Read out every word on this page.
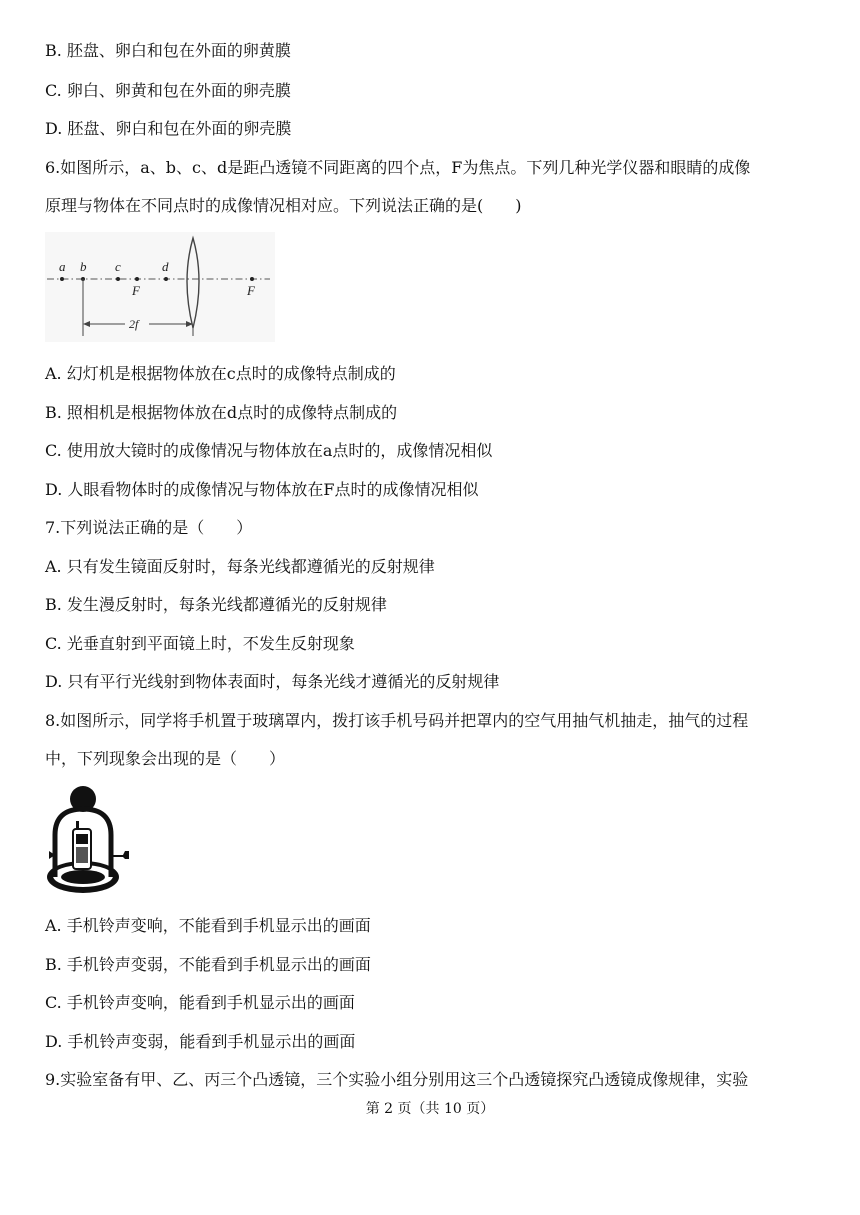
B. 胚盘、卵白和包在外面的卵黄膜
C. 卵白、卵黄和包在外面的卵壳膜
D. 胚盘、卵白和包在外面的卵壳膜
6.如图所示，a、b、c、d是距凸透镜不同距离的四个点，F为焦点。下列几种光学仪器和眼睛的成像
原理与物体在不同点时的成像情况相对应。下列说法正确的是(　　)
a b c	d
F	F
2f
A. 幻灯机是根据物体放在c点时的成像特点制成的
B. 照相机是根据物体放在d点时的成像特点制成的
C. 使用放大镜时的成像情况与物体放在a点时的，成像情况相似
D. 人眼看物体时的成像情况与物体放在F点时的成像情况相似
7.下列说法正确的是（　　）
A. 只有发生镜面反射时，每条光线都遵循光的反射规律
B. 发生漫反射时，每条光线都遵循光的反射规律
C. 光垂直射到平面镜上时，不发生反射现象
D. 只有平行光线射到物体表面时，每条光线才遵循光的反射规律
8.如图所示，同学将手机置于玻璃罩内，拨打该手机号码并把罩内的空气用抽气机抽走，抽气的过程
中，下列现象会出现的是（　　）
A. 手机铃声变响，不能看到手机显示出的画面
B. 手机铃声变弱，不能看到手机显示出的画面
C. 手机铃声变响，能看到手机显示出的画面
D. 手机铃声变弱，能看到手机显示出的画面
9.实验室备有甲、乙、丙三个凸透镜，三个实验小组分别用这三个凸透镜探究凸透镜成像规律，实验
第 2 页（共 10 页）
